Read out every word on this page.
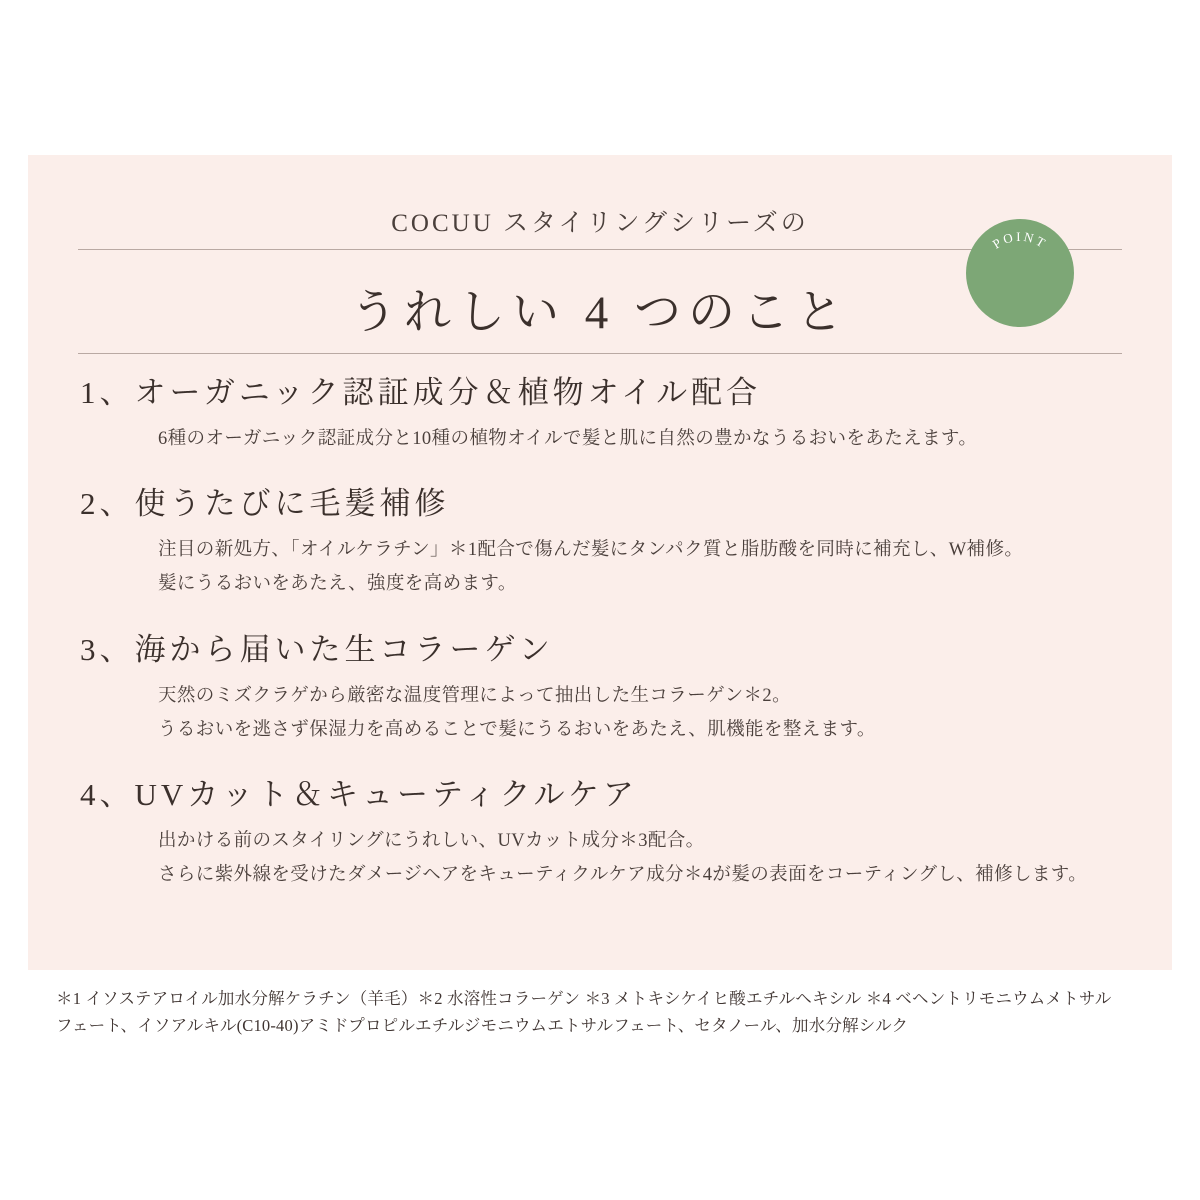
COCUU スタイリングシリーズの
うれしい 4 つのこと
POINT
1、オーガニック認証成分＆植物オイル配合
6種のオーガニック認証成分と10種の植物オイルで髪と肌に自然の豊かなうるおいをあたえます。
2、使うたびに毛髪補修
注目の新処方、「オイルケラチン」＊1配合で傷んだ髪にタンパク質と脂肪酸を同時に補充し、W補修。
髪にうるおいをあたえ、強度を高めます。
3、海から届いた生コラーゲン
天然のミズクラゲから厳密な温度管理によって抽出した生コラーゲン＊2。
うるおいを逃さず保湿力を高めることで髪にうるおいをあたえ、肌機能を整えます。
4、UVカット＆キューティクルケア
出かける前のスタイリングにうれしい、UVカット成分＊3配合。
さらに紫外線を受けたダメージヘアをキューティクルケア成分＊4が髪の表面をコーティングし、補修します。
＊1 イソステアロイル加水分解ケラチン（羊毛）＊2 水溶性コラーゲン ＊3 メトキシケイヒ酸エチルヘキシル ＊4 ベヘントリモニウムメトサル
フェート、イソアルキル(C10-40)アミドプロピルエチルジモニウムエトサルフェート、セタノール、加水分解シルク
